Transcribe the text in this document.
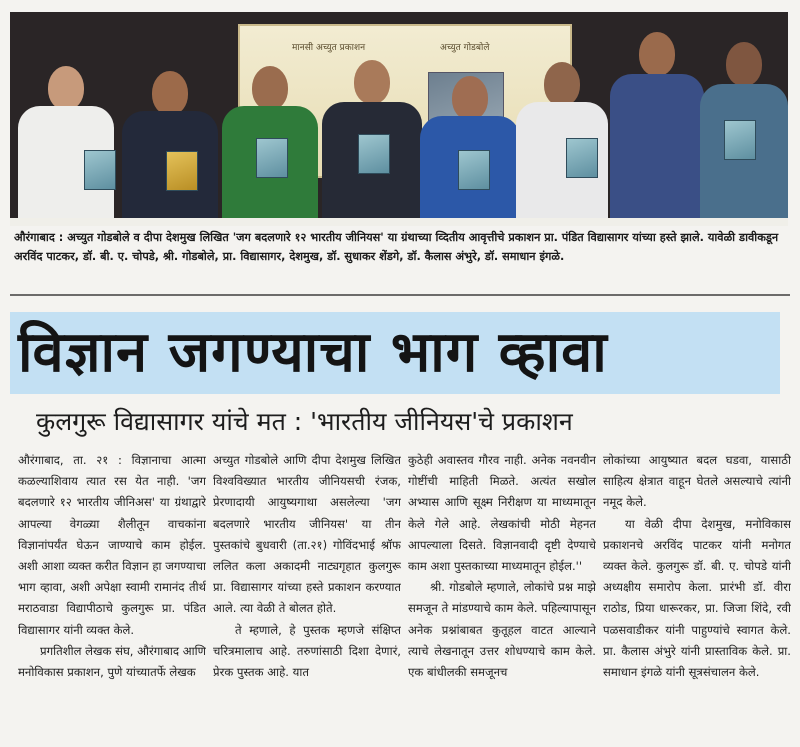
मानसी अच्युत प्रकाशन	अच्युत गोडबोले
औरंगाबाद : अच्युत गोडबोले व दीपा देशमुख लिखित 'जग बदलणारे १२ भारतीय जीनियस' या ग्रंथाच्या व्दितीय आवृत्तीचे प्रकाशन प्रा. पंडित विद्यासागर यांच्या हस्ते झाले. यावेळी डावीकडून अरविंद पाटकर, डॉ. बी. ए. चोपडे, श्री. गोडबोले, प्रा. विद्यासागर, देशमुख, डॉ. सुधाकर शेंडगे, डॉ. कैलास अंभुरे, डॉ. समाधान इंगळे.
विज्ञान जगण्याचा भाग व्हावा
कुलगुरू विद्यासागर यांचे मत : 'भारतीय जीनियस'चे प्रकाशन

औरंगाबाद, ता. २१ : विज्ञानाचा आत्मा कळल्याशिवाय त्यात रस येत नाही. 'जग बदलणारे १२ भारतीय जीनिअस' या ग्रंथाद्वारे आपल्या वेगळ्या शैलीतून वाचकांना विज्ञानांपर्यंत घेऊन जाण्याचे काम होईल. अशी आशा व्यक्त करीत विज्ञान हा जगण्याचा भाग व्हावा, अशी अपेक्षा स्वामी रामानंद तीर्थ मराठवाडा विद्यापीठाचे कुलगुरू प्रा. पंडित विद्यासागर यांनी व्यक्त केले.

प्रगतिशील लेखक संघ, औरंगाबाद आणि मनोविकास प्रकाशन, पुणे यांच्यातर्फे लेखक

अच्युत गोडबोले आणि दीपा देशमुख लिखित विश्वविख्यात भारतीय जीनियसची रंजक, प्रेरणादायी आयुष्यगाथा असलेल्या 'जग बदलणारे भारतीय जीनियस' या तीन पुस्तकांचे बुधवारी (ता.२१) गोविंदभाई श्रॉफ ललित कला अकादमी नाट्यगृहात कुलगुरू प्रा. विद्यासागर यांच्या हस्ते प्रकाशन करण्यात आले. त्या वेळी ते बोलत होते.

ते म्हणाले, हे पुस्तक म्हणजे संक्षिप्त चरित्रमालाच आहे. तरुणांसाठी दिशा देणारं, प्रेरक पुस्तक आहे. यात

कुठेही अवास्तव गौरव नाही. अनेक नवनवीन गोष्टींची माहिती मिळते. अत्यंत सखोल अभ्यास आणि सूक्ष्म निरीक्षण या माध्यमातून केले गेले आहे. लेखकांची मोठी मेहनत आपल्याला दिसते. विज्ञानवादी दृष्टी देण्याचे काम अशा पुस्तकाच्या माध्यमातून होईल.''

श्री. गोडबोले म्हणाले, लोकांचे प्रश्न माझे समजून ते मांडण्याचे काम केले. पहिल्यापासून अनेक प्रश्नांबाबत कुतूहल वाटत आल्याने त्याचे लेखनातून उत्तर शोधण्याचे काम केले. एक बांधीलकी समजूनच

लोकांच्या आयुष्यात बदल घडवा, यासाठी साहित्य क्षेत्रात वाहून घेतले असल्याचे त्यांनी नमूद केले.

या वेळी दीपा देशमुख, मनोविकास प्रकाशनचे अरविंद पाटकर यांनी मनोगत व्यक्त केले. कुलगुरू डॉ. बी. ए. चोपडे यांनी अध्यक्षीय समारोप केला. प्रारंभी डॉ. वीरा राठोड, प्रिया धारूरकर, प्रा. जिजा शिंदे, रवी पळसवाडीकर यांनी पाहुण्यांचे स्वागत केले. प्रा. कैलास अंभुरे यांनी प्रास्ताविक केले. प्रा. समाधान इंगळे यांनी सूत्रसंचालन केले.
